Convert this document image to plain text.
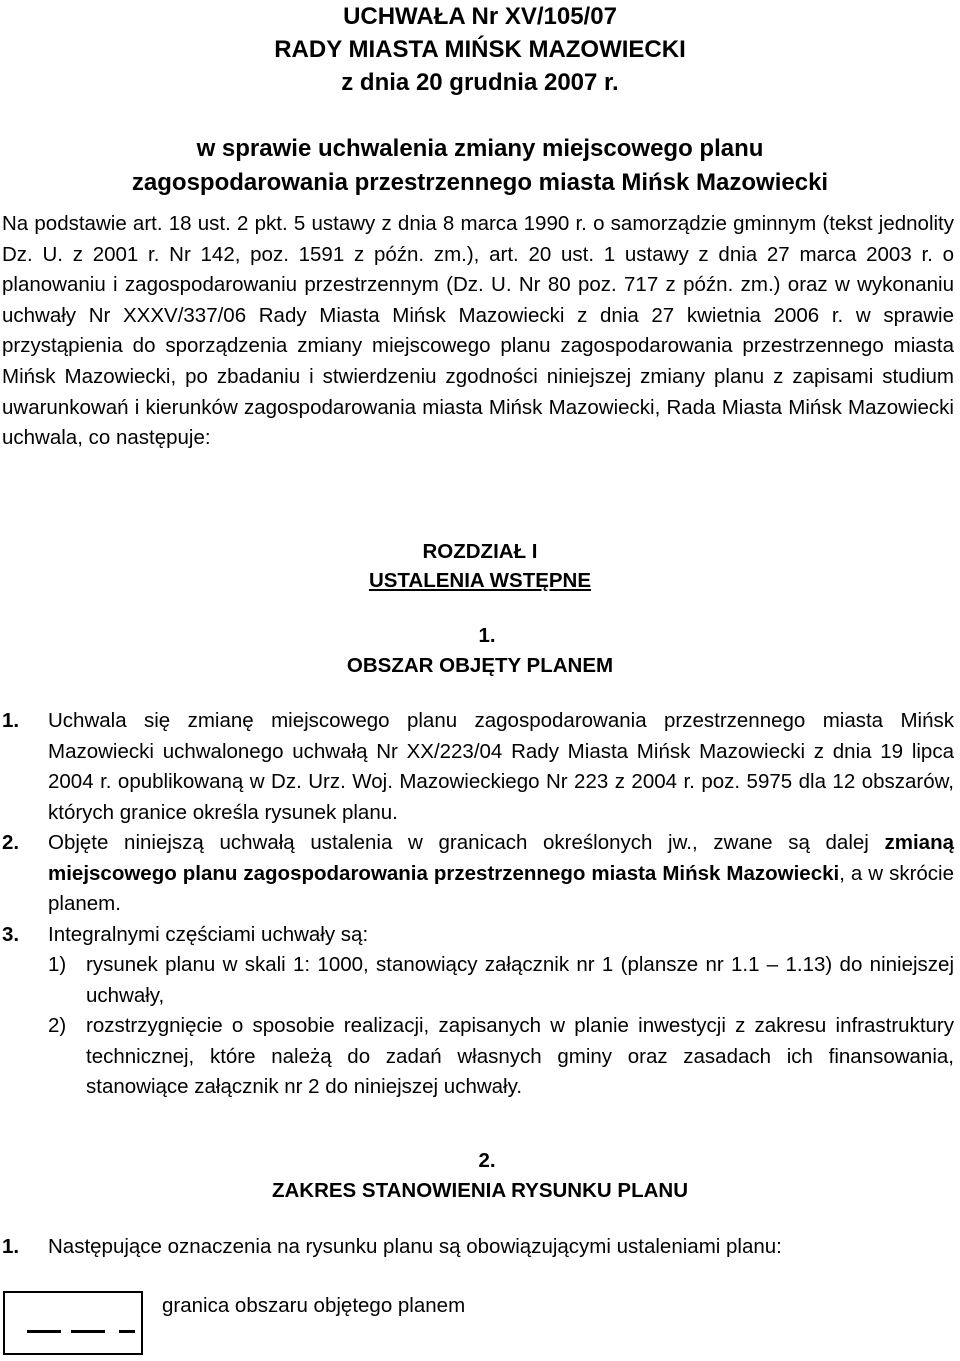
UCHWAŁA Nr XV/105/07
RADY MIASTA MIŃSK MAZOWIECKI
z dnia 20 grudnia 2007 r.
w sprawie uchwalenia zmiany miejscowego planu
zagospodarowania przestrzennego miasta Mińsk Mazowiecki
Na podstawie art. 18 ust. 2 pkt. 5 ustawy z dnia 8 marca 1990 r. o samorządzie gminnym (tekst jednolity Dz. U. z 2001 r. Nr 142, poz. 1591 z późn. zm.), art. 20 ust. 1 ustawy z dnia 27 marca 2003 r. o planowaniu i zagospodarowaniu przestrzennym (Dz. U. Nr 80 poz. 717 z późn. zm.) oraz w wykonaniu uchwały Nr XXXV/337/06 Rady Miasta Mińsk Mazowiecki z dnia 27 kwietnia 2006 r. w sprawie przystąpienia do sporządzenia zmiany miejscowego planu zagospodarowania przestrzennego miasta Mińsk Mazowiecki, po zbadaniu i stwierdzeniu zgodności niniejszej zmiany planu z zapisami studium uwarunkowań i kierunków zagospodarowania miasta Mińsk Mazowiecki, Rada Miasta Mińsk Mazowiecki uchwala, co następuje:
ROZDZIAŁ I
USTALENIA WSTĘPNE
1.
OBSZAR OBJĘTY PLANEM
1. Uchwala się zmianę miejscowego planu zagospodarowania przestrzennego miasta Mińsk Mazowiecki uchwalonego uchwałą Nr XX/223/04 Rady Miasta Mińsk Mazowiecki z dnia 19 lipca 2004 r. opublikowaną w Dz. Urz. Woj. Mazowieckiego Nr 223 z 2004 r. poz. 5975 dla 12 obszarów, których granice określa rysunek planu.
2. Objęte niniejszą uchwałą ustalenia w granicach określonych jw., zwane są dalej zmianą miejscowego planu zagospodarowania przestrzennego miasta Mińsk Mazowiecki, a w skrócie planem.
3. Integralnymi częściami uchwały są:
1) rysunek planu w skali 1: 1000, stanowiący załącznik nr 1 (plansze nr 1.1 – 1.13) do niniejszej uchwały,
2) rozstrzygnięcie o sposobie realizacji, zapisanych w planie inwestycji z zakresu infrastruktury technicznej, które należą do zadań własnych gminy oraz zasadach ich finansowania, stanowiące załącznik nr 2 do niniejszej uchwały.
2.
ZAKRES STANOWIENIA RYSUNKU PLANU
1. Następujące oznaczenia na rysunku planu są obowiązującymi ustaleniami planu:
granica obszaru objętego planem
